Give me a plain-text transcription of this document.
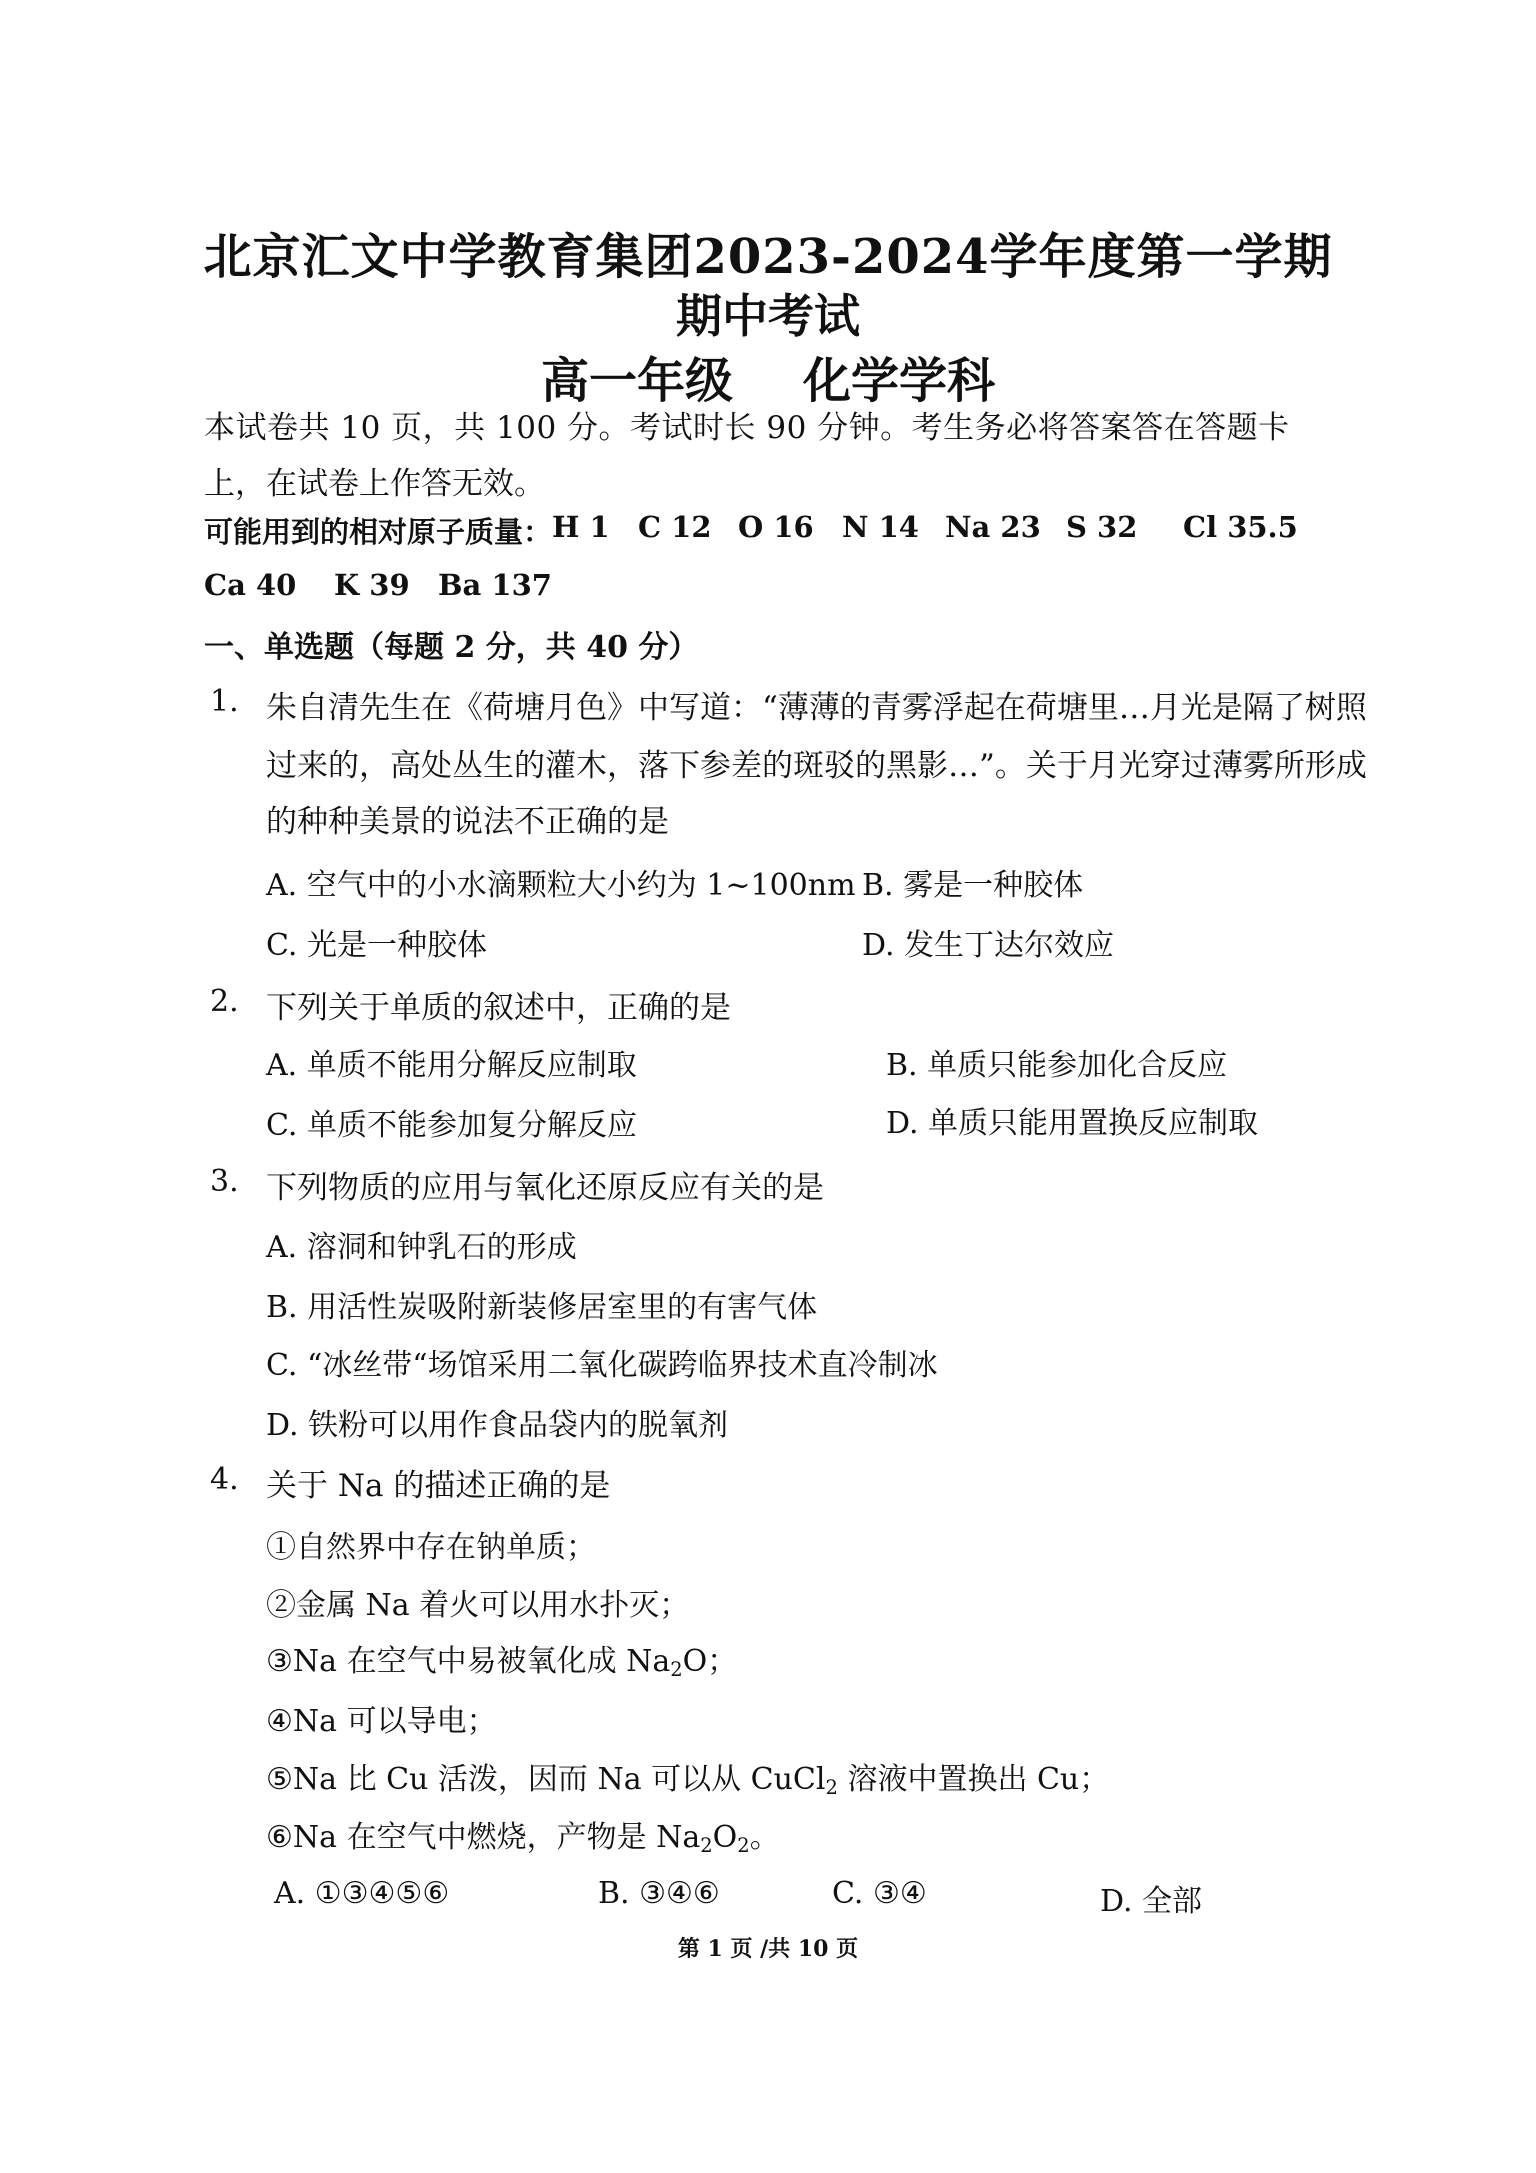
北京汇文中学教育集团2023-2024学年度第一学期
期中考试
高一年级 化学学科
本试卷共 10 页，共 100 分。考试时长 90 分钟。考生务必将答案答在答题卡
上，在试卷上作答无效。
可能用到的相对原子质量： H 1 C 12 O 16 N 14 Na 23 S 32 Cl 35.5
Ca 40 K 39 Ba 137
一、单选题（每题 2 分，共 40 分）
1. 朱自清先生在《荷塘月色》中写道：“薄薄的青雾浮起在荷塘里…月光是隔了树照
过来的，高处丛生的灌木，落下参差的斑驳的黑影…”。关于月光穿过薄雾所形成
的种种美景的说法不正确的是
A. 空气中的小水滴颗粒大小约为 1~100nm B. 雾是一种胶体
C. 光是一种胶体	D. 发生丁达尔效应
2. 下列关于单质的叙述中，正确的是
A. 单质不能用分解反应制取	B. 单质只能参加化合反应
C. 单质不能参加复分解反应	D. 单质只能用置换反应制取
3. 下列物质的应用与氧化还原反应有关的是
A. 溶洞和钟乳石的形成
B. 用活性炭吸附新装修居室里的有害气体
C. “冰丝带“场馆采用二氧化碳跨临界技术直冷制冰
D. 铁粉可以用作食品袋内的脱氧剂
4. 关于 Na 的描述正确的是
①自然界中存在钠单质；
②金属 Na 着火可以用水扑灭；
③Na 在空气中易被氧化成 $Na_2O$；
④Na 可以导电；
⑤Na 比 Cu 活泼，因而 Na 可以从 CuCl$_2$ 溶液中置换出 Cu；
⑥Na 在空气中燃烧，产物是 $Na_2O_2$。
A. ①③④⑤⑥	B. ③④⑥	C. ③④	D. 全部
第 1 页 /共 10 页
